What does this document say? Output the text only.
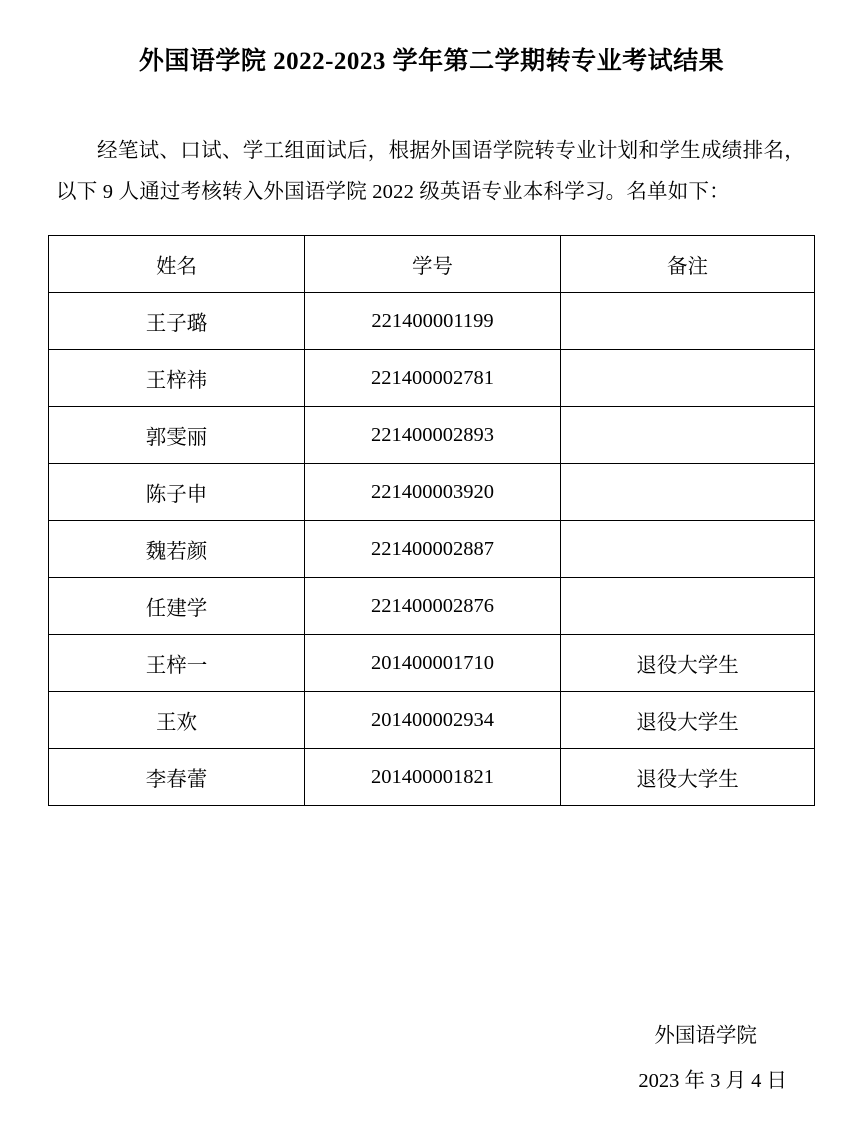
外国语学院 2022-2023 学年第二学期转专业考试结果

经笔试、口试、学工组面试后，根据外国语学院转专业计划和学生成绩排名，以下 9 人通过考核转入外国语学院 2022 级英语专业本科学习。名单如下：

姓名	学号	备注
王子璐	221400001199	
王梓祎	221400002781	
郭雯丽	221400002893	
陈子申	221400003920	
魏若颜	221400002887	
任建学	221400002876	
王梓一	201400001710	退役大学生
王欢	201400002934	退役大学生
李春蕾	201400001821	退役大学生
外国语学院
2023 年 3 月 4 日
